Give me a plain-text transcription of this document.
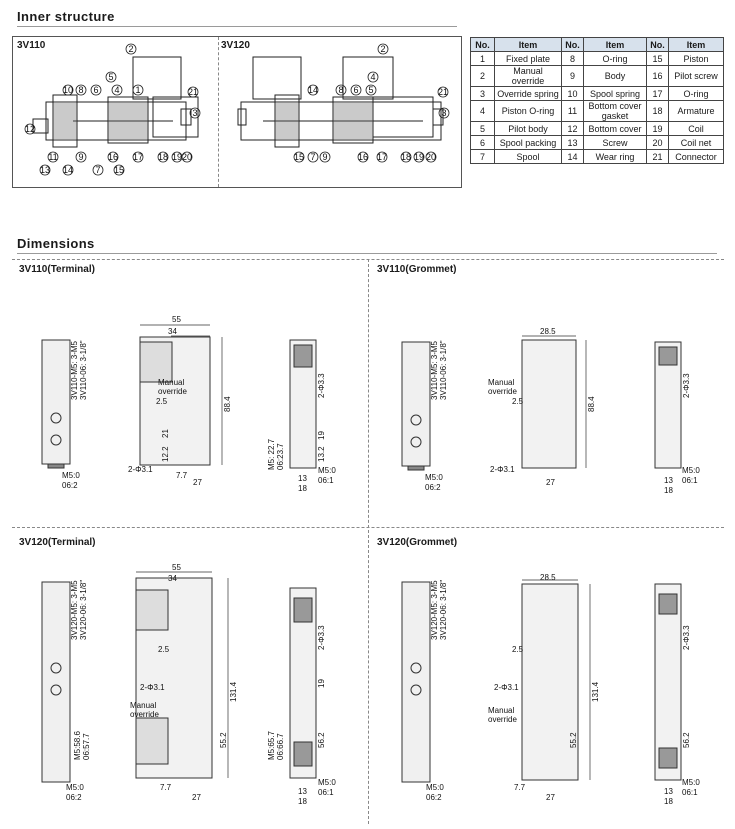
Inner structure
3V110	3V120
2
10 8 6 4
5
1	21
3
12
11 9
13 14
16
15
17 18 19 20
7
2
14 8 6 5
4
21
3
15 7 9	16 17 18 19 20
No.	Item	No.	Item	No.	Item
1	Fixed plate	8	O-ring	15	Piston
2	Manual override	9	Body	16	Pilot screw
3	Override spring	10	Spool spring	17	O-ring
4	Piston O-ring	11	Bottom cover gasket	18	Armature
5	Pilot body	12	Bottom cover	19	Coil
6	Spool packing	13	Screw	20	Coil net
7	Spool	14	Wear ring	21	Connector
Dimensions
3V110(Terminal)	3V110(Grommet)
3V120(Terminal)	3V120(Grommet)
55
34
88.4
Manual
override
2.5
21
12.2
2-Φ3.1
7.7
27
3V110-M5: 3-M5 3V110-06: 3-1/8"
M5:0
06:2
2-Φ3.3
19
13.2
M5: 22.7 06:23.7
13
18
M5:0
06:1
28.5
88.4
Manual
override
2.5
2-Φ3.1
27
3V110-M5: 3-M5 3V110-06: 3-1/8"
M5:0
06:2
2-Φ3.3
13
18
M5:0
06:1
55
34
131.4
2.5
2-Φ3.1
Manual
override
55.2
7.7
27
3V120-M5: 3-M5 3V120-06: 3-1/8"
M5:58.6 06:57.7
M5:0
06:2
2-Φ3.3
19
56.2
M5:65.7 06:66.7
13
18
M5:0
06:1
28.5
131.4
2.5
2-Φ3.1
Manual
override
55.2
7.7
27
3V120-M5: 3-M5 3V120-06: 3-1/8"
M5:0
06:2
2-Φ3.3
56.2
13
18
M5:0
06:1
